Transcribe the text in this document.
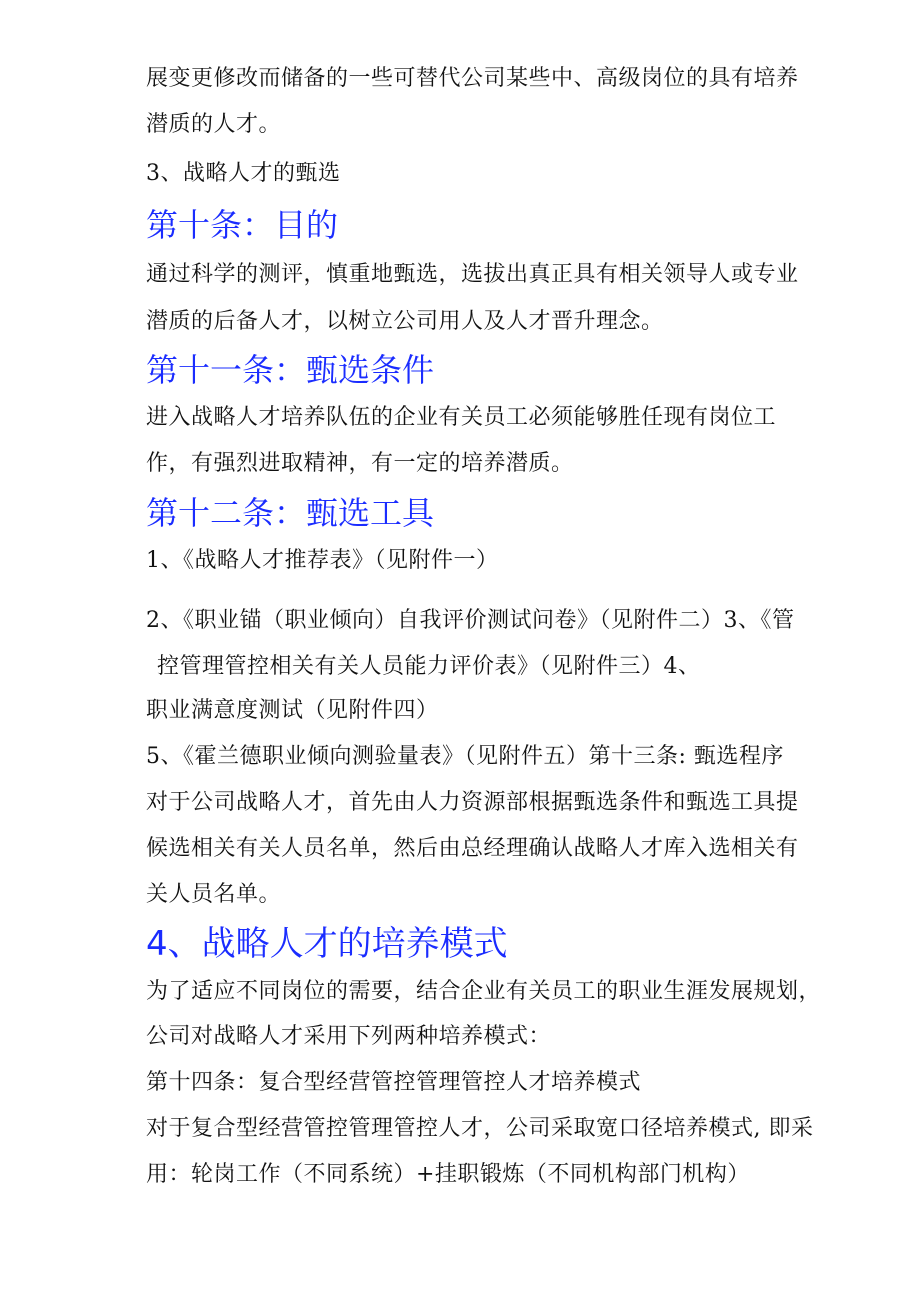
展变更修改而储备的一些可替代公司某些中、高级岗位的具有培养
潜质的人才。
3、战略人才的甄选
第十条：目的
通过科学的测评，慎重地甄选，选拔出真正具有相关领导人或专业
潜质的后备人才，以树立公司用人及人才晋升理念。
第十一条：甄选条件
进入战略人才培养队伍的企业有关员工必须能够胜任现有岗位工
作，有强烈进取精神，有一定的培养潜质。
第十二条：甄选工具
1、《战略人才推荐表》（见附件一）
2、《职业锚（职业倾向）自我评价测试问卷》（见附件二）3、《管
控管理管控相关有关人员能力评价表》（见附件三）4、
职业满意度测试（见附件四）
5、《霍兰德职业倾向测验量表》（见附件五）第十三条: 甄选程序
对于公司战略人才，首先由人力资源部根据甄选条件和甄选工具提
候选相关有关人员名单，然后由总经理确认战略人才库入选相关有
关人员名单。
4、战略人才的培养模式
为了适应不同岗位的需要，结合企业有关员工的职业生涯发展规划，
公司对战略人才采用下列两种培养模式：
第十四条：复合型经营管控管理管控人才培养模式
对于复合型经营管控管理管控人才，公司采取宽口径培养模式, 即采
用：轮岗工作（不同系统）+挂职锻炼（不同机构部门机构）
